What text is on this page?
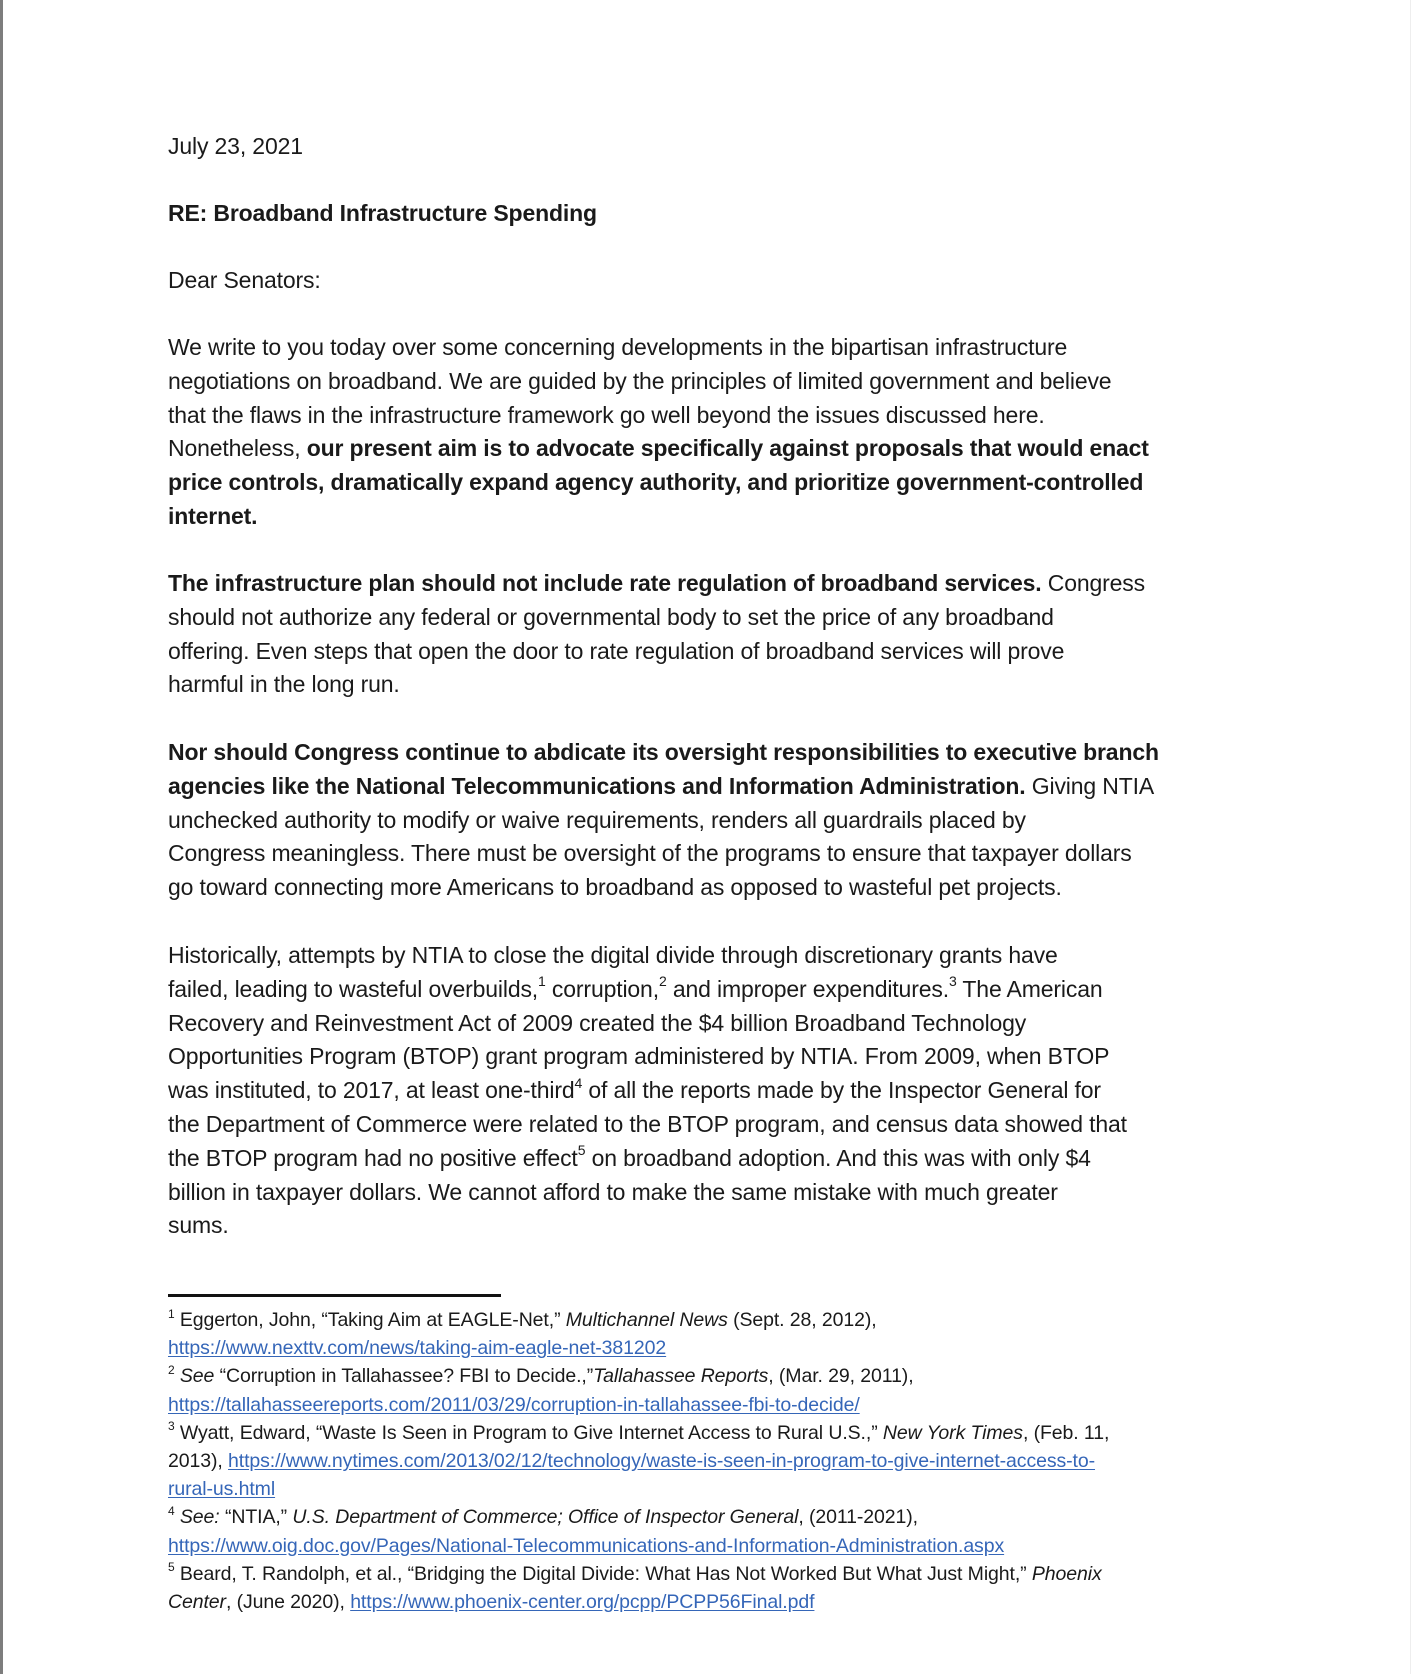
July 23, 2021
RE: Broadband Infrastructure Spending
Dear Senators:
We write to you today over some concerning developments in the bipartisan infrastructure
negotiations on broadband. We are guided by the principles of limited government and believe
that the flaws in the infrastructure framework go well beyond the issues discussed here.
Nonetheless, our present aim is to advocate specifically against proposals that would enact
price controls, dramatically expand agency authority, and prioritize government-controlled
internet.
The infrastructure plan should not include rate regulation of broadband services. Congress
should not authorize any federal or governmental body to set the price of any broadband
offering. Even steps that open the door to rate regulation of broadband services will prove
harmful in the long run.
Nor should Congress continue to abdicate its oversight responsibilities to executive branch
agencies like the National Telecommunications and Information Administration. Giving NTIA
unchecked authority to modify or waive requirements, renders all guardrails placed by
Congress meaningless. There must be oversight of the programs to ensure that taxpayer dollars
go toward connecting more Americans to broadband as opposed to wasteful pet projects.
Historically, attempts by NTIA to close the digital divide through discretionary grants have
failed, leading to wasteful overbuilds,$^1$ corruption,$^2$ and improper expenditures.$^3$ The American
Recovery and Reinvestment Act of 2009 created the $4 billion Broadband Technology
Opportunities Program (BTOP) grant program administered by NTIA. From 2009, when BTOP
was instituted, to 2017, at least one-third$^4$ of all the reports made by the Inspector General for
the Department of Commerce were related to the BTOP program, and census data showed that
the BTOP program had no positive effect$^5$ on broadband adoption. And this was with only $4
billion in taxpayer dollars. We cannot afford to make the same mistake with much greater
sums.
$^1$ Eggerton, John, “Taking Aim at EAGLE-Net,” Multichannel News (Sept. 28, 2012),
https://www.nexttv.com/news/taking-aim-eagle-net-381202
$^2$ See “Corruption in Tallahassee? FBI to Decide.,”Tallahassee Reports, (Mar. 29, 2011),
https://tallahasseereports.com/2011/03/29/corruption-in-tallahassee-fbi-to-decide/
$^3$ Wyatt, Edward, “Waste Is Seen in Program to Give Internet Access to Rural U.S.,” New York Times, (Feb. 11,
2013), https://www.nytimes.com/2013/02/12/technology/waste-is-seen-in-program-to-give-internet-access-to-
rural-us.html
$^4$ See: “NTIA,” U.S. Department of Commerce; Office of Inspector General, (2011-2021),
https://www.oig.doc.gov/Pages/National-Telecommunications-and-Information-Administration.aspx
$^5$ Beard, T. Randolph, et al., “Bridging the Digital Divide: What Has Not Worked But What Just Might,” Phoenix
Center, (June 2020), https://www.phoenix-center.org/pcpp/PCPP56Final.pdf
